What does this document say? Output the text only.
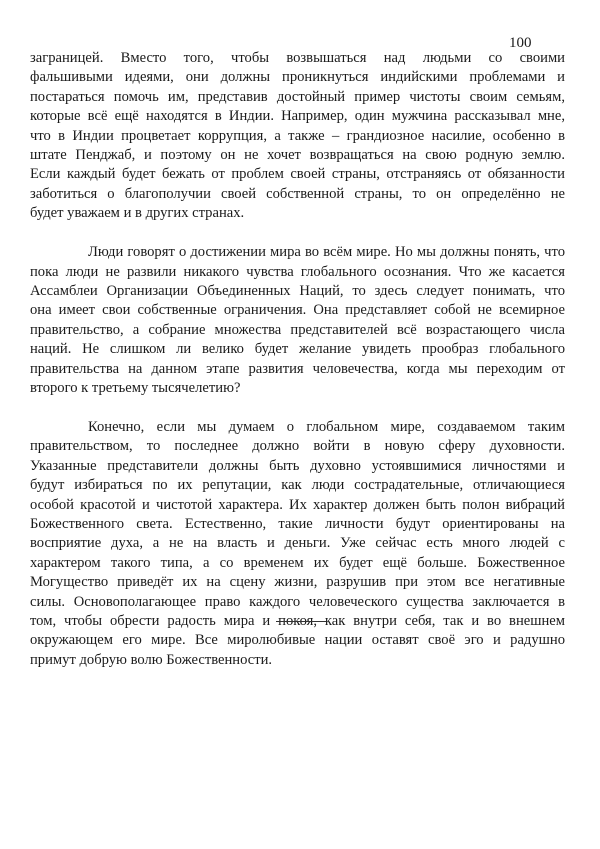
100
заграницей. Вместо того, чтобы возвышаться над людьми со своими
фальшивыми идеями, они должны проникнуться индийскими проблемами и
постараться помочь им, представив достойный пример чистоты своим семьям,
которые всё ещё находятся в Индии. Например, один мужчина рассказывал мне,
что в Индии процветает коррупция, а также – грандиозное насилие, особенно в
штате Пенджаб, и поэтому он не хочет возвращаться на свою родную землю.
Если каждый будет бежать от проблем своей страны, отстраняясь от обязанности
заботиться о благополучии своей собственной страны, то он определённо не
будет уважаем и в других странах.
Люди говорят о достижении мира во всём мире. Но мы должны понять, что
пока люди не развили никакого чувства глобального осознания. Что же касается
Ассамблеи Организации Объединенных Наций, то здесь следует понимать, что
она имеет свои собственные ограничения. Она представляет собой не всемирное
правительство, а собрание множества представителей всё возрастающего числа
наций. Не слишком ли велико будет желание увидеть прообраз глобального
правительства на данном этапе развития человечества, когда мы переходим от
второго к третьему тысячелетию?
Конечно, если мы думаем о глобальном мире, создаваемом таким
правительством, то последнее должно войти в новую сферу духовности.
Указанные представители должны быть духовно устоявшимися личностями и
будут избираться по их репутации, как люди сострадательные, отличающиеся
особой красотой и чистотой характера. Их характер должен быть полон вибраций
Божественного света. Естественно, такие личности будут ориентированы на
восприятие духа, а не на власть и деньги. Уже сейчас есть много людей с
характером такого типа, а со временем их будет ещё больше. Божественное
Могущество приведёт их на сцену жизни, разрушив при этом все негативные
силы. Основополагающее право каждого человеческого существа заключается в
том, чтобы обрести радость мира и покоя, как внутри себя, так и во внешнем
окружающем его мире. Все миролюбивые нации оставят своё эго и радушно
примут добрую волю Божественности.
